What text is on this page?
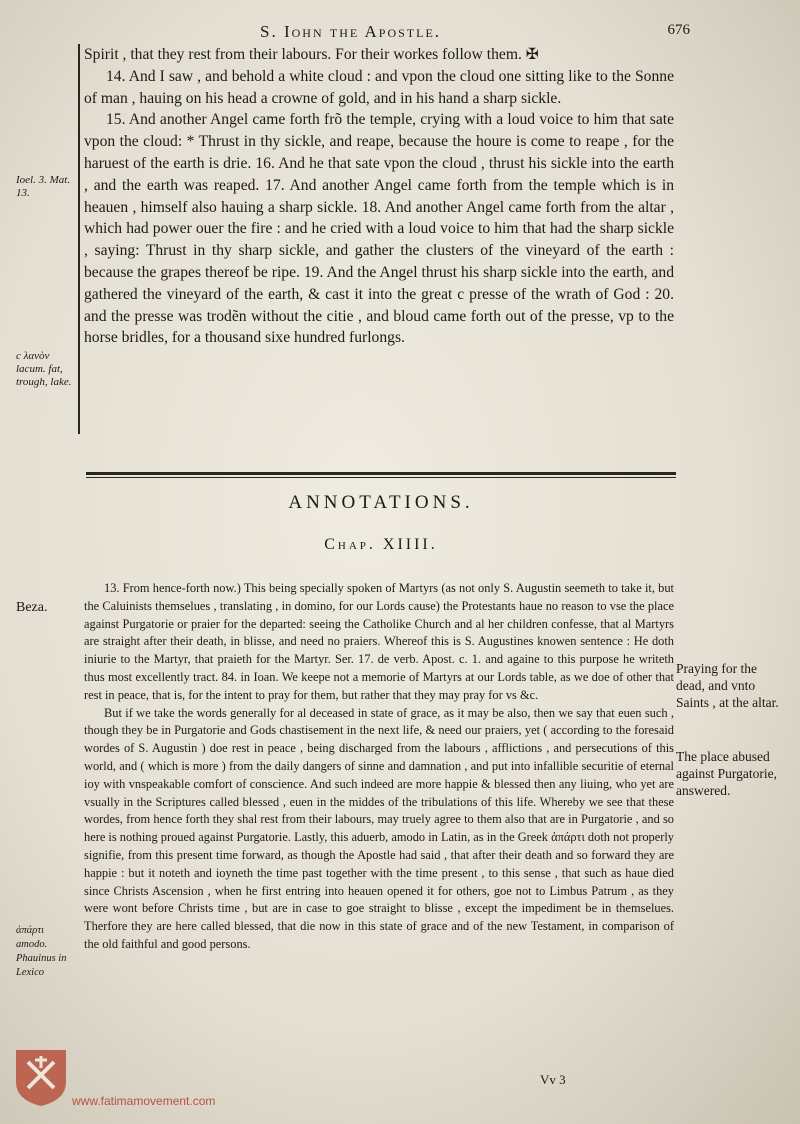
S. Iohn the Apostle.	676
Ioel. 3. Mat. 13.
c λανὸν lacum. fat, trough, lake.

Spirit , that they rest from their labours. For their workes follow them. ✠

14. And I saw , and behold a white cloud : and vpon the cloud one sitting like to the Sonne of man , hauing on his head a crowne of gold, and in his hand a sharp sickle.

15. And another Angel came forth frõ the temple, crying with a loud voice to him that sate vpon the cloud: * Thrust in thy sickle, and reape, because the houre is come to reape , for the haruest of the earth is drie. 16. And he that sate vpon the cloud , thrust his sickle into the earth , and the earth was reaped. 17. And another Angel came forth from the temple which is in heauen , himself also hauing a sharp sickle. 18. And another Angel came forth from the altar , which had power ouer the fire : and he cried with a loud voice to him that had the sharp sickle , saying: Thrust in thy sharp sickle, and gather the clusters of the vineyard of the earth : because the grapes thereof be ripe. 19. And the Angel thrust his sharp sickle into the earth, and gathered the vineyard of the earth, & cast it into the great c presse of the wrath of God : 20. and the presse was trodẽn without the citie , and bloud came forth out of the presse, vp to the horse bridles, for a thousand sixe hundred furlongs.

ANNOTATIONS.
Chap. XIIII.
Beza.

13. From hence-forth now.) This being specially spoken of Martyrs (as not only S. Augustin seemeth to take it, but the Caluinists themselues , translating , in domino, for our Lords cause) the Protestants haue no reason to vse the place against Purgatorie or praier for the departed: seeing the Catholike Church and al her children confesse, that al Martyrs are straight after their death, in blisse, and need no praiers. Whereof this is S. Augustines knowen sentence : He doth iniurie to the Martyr, that praieth for the Martyr. Ser. 17. de verb. Apost. c. 1. and againe to this purpose he writeth thus most excellently tract. 84. in Ioan. We keepe not a memorie of Martyrs at our Lords table, as we doe of other that rest in peace, that is, for the intent to pray for them, but rather that they may pray for vs &c.

But if we take the words generally for al deceased in state of grace, as it may be also, then we say that euen such , though they be in Purgatorie and Gods chastisement in the next life, & need our praiers, yet ( according to the foresaid wordes of S. Augustin ) doe rest in peace , being discharged from the labours , afflictions , and persecutions of this world, and ( which is more ) from the daily dangers of sinne and damnation , and put into infallible securitie of eternal ioy with vnspeakable comfort of conscience. And such indeed are more happie & blessed then any liuing, who yet are vsually in the Scriptures called blessed , euen in the middes of the tribulations of this life. Whereby we see that these wordes, from hence forth they shal rest from their labours, may truely agree to them also that are in Purgatorie , and so here is nothing proued against Purgatorie. Lastly, this aduerb, amodo in Latin, as in the Greek ἀπάρτι doth not properly signifie, from this present time forward, as though the Apostle had said , that after their death and so forward they are happie : but it noteth and ioyneth the time past together with the time present , to this sense , that such as haue died since Christs Ascension , when he first entring into heauen opened it for others, goe not to Limbus Patrum , as they were wont before Christs time , but are in case to goe straight to blisse , except the impediment be in themselues. Therfore they are here called blessed, that die now in this state of grace and of the new Testament, in comparison of the old faithful and good persons.

Praying for the dead, and vnto Saints , at the altar.
The place abused against Purgatorie, answered.
ἀπάρτι amodo. Phauinus in Lexico
Vv 3
www.fatimamovement.com
